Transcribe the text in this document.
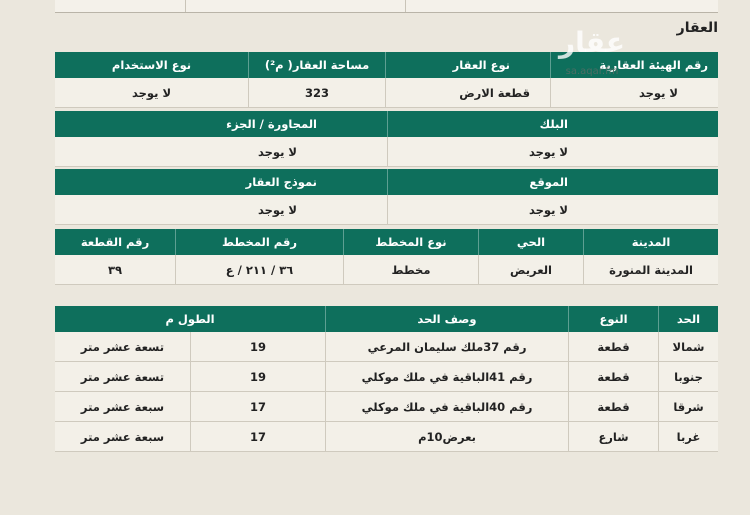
العقار
رقم الهيئة العقارية
نوع العقار
مساحة العقار( م²)
نوع الاستخدام
لا يوجد
قطعة الارض
323
لا يوجد
عقار
sa.aqar.fm
البلك
المجاورة / الجزء
لا يوجد
لا يوجد
الموقع
نموذج العقار
لا يوجد
لا يوجد
المدينة
الحي
نوع المخطط
رقم المخطط
رقم القطعة
المدينة المنورة
العريض
مخطط
٣٦ / ٢١١ / ع
٣٩
الحد
النوع
وصف الحد
الطول م
شمالا
قطعة
رقم 37ملك سليمان المرعي
19
تسعة عشر متر
جنوبا
قطعة
رقم 41الباقية في ملك موكلي
19
تسعة عشر متر
شرقا
قطعة
رقم 40الباقية في ملك موكلي
17
سبعة عشر متر
غربا
شارع
بعرض10م
17
سبعة عشر متر
